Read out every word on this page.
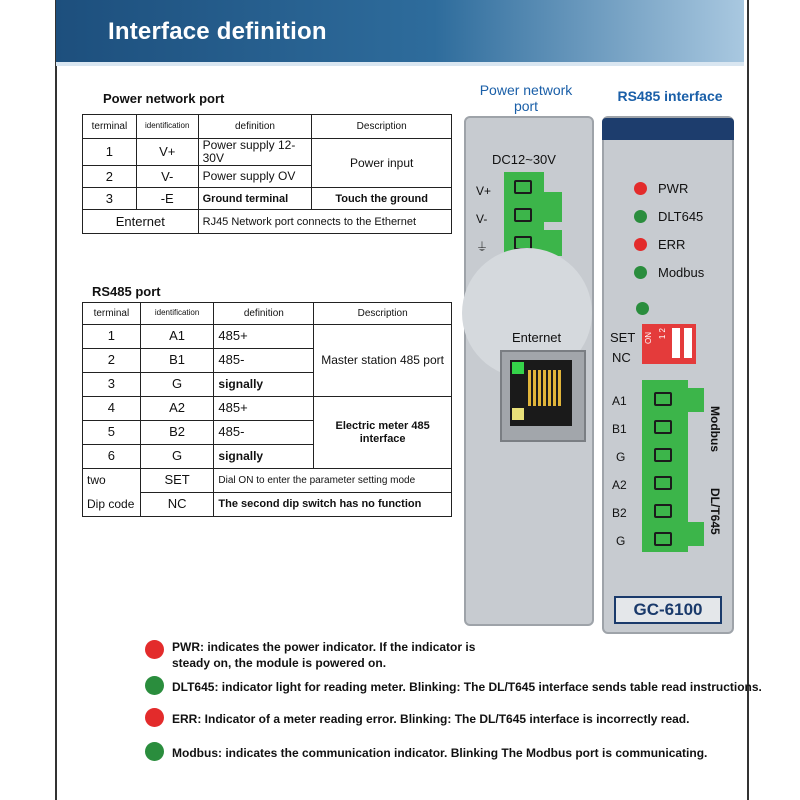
Interface definition
Power network port
terminal	identification	definition	Description
1	V+	Power supply 12-30V	Power input
2	V-	Power supply OV	
3	-E	Ground terminal	Touch the ground
Enternet		RJ45 Network port connects to the Ethernet	
RS485 port
terminal	identification	definition	Description
1	A1	485+	Master station 485 port
2	B1	485-	
3	G	signally	
4	A2	485+	Electric meter 485 interface
5	B2	485-	
6	G	signally	
two	SET	Dial ON to enter the parameter setting mode	
Dip code	NC	The second dip switch has no function	
Power network port
DC12~30V
V+
V-
⏚
Enternet
RS485 interface
PWR
DLT645
ERR
Modbus
SET
NC
ON 1 2
A1
B1
G
A2
B2
G
Modbus
DL/T645
GC-6100
PWR: indicates the power indicator. If the indicator is steady on, the module is powered on.
DLT645: indicator light for reading meter. Blinking: The DL/T645 interface sends table read instructions.
ERR: Indicator of a meter reading error. Blinking: The DL/T645 interface is incorrectly read.
Modbus: indicates the communication indicator. Blinking The Modbus port is communicating.
